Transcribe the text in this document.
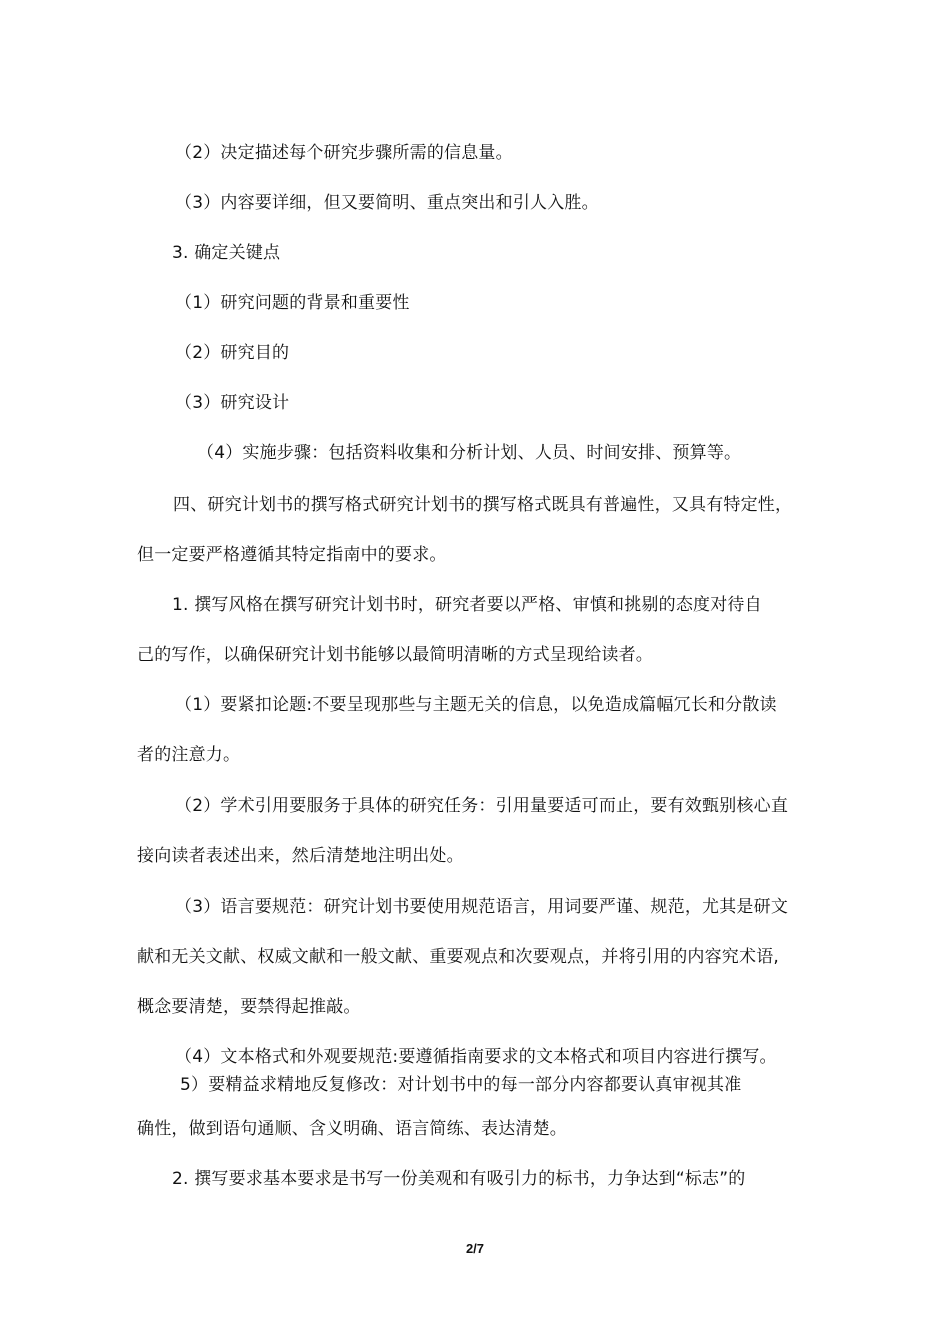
（2）决定描述每个研究步骤所需的信息量。
（3）内容要详细，但又要简明、重点突出和引人入胜。
3. 确定关键点
（1）研究问题的背景和重要性
（2）研究目的
（3）研究设计
（4）实施步骤：包括资料收集和分析计划、人员、时间安排、预算等。
四、研究计划书的撰写格式研究计划书的撰写格式既具有普遍性，又具有特定性，
但一定要严格遵循其特定指南中的要求。
1. 撰写风格在撰写研究计划书时，研究者要以严格、审慎和挑剔的态度对待自
己的写作，以确保研究计划书能够以最简明清晰的方式呈现给读者。
（1）要紧扣论题:不要呈现那些与主题无关的信息，以免造成篇幅冗长和分散读
者的注意力。
（2）学术引用要服务于具体的研究任务：引用量要适可而止，要有效甄别核心直
接向读者表述出来，然后清楚地注明出处。
（3）语言要规范：研究计划书要使用规范语言，用词要严谨、规范，尤其是研文
献和无关文献、权威文献和一般文献、重要观点和次要观点，并将引用的内容究术语,
概念要清楚，要禁得起推敲。
（4）文本格式和外观要规范:要遵循指南要求的文本格式和项目内容进行撰写。
5）要精益求精地反复修改：对计划书中的每一部分内容都要认真审视其准
确性，做到语句通顺、含义明确、语言简练、表达清楚。
2. 撰写要求基本要求是书写一份美观和有吸引力的标书，力争达到“标志”的
2/7
